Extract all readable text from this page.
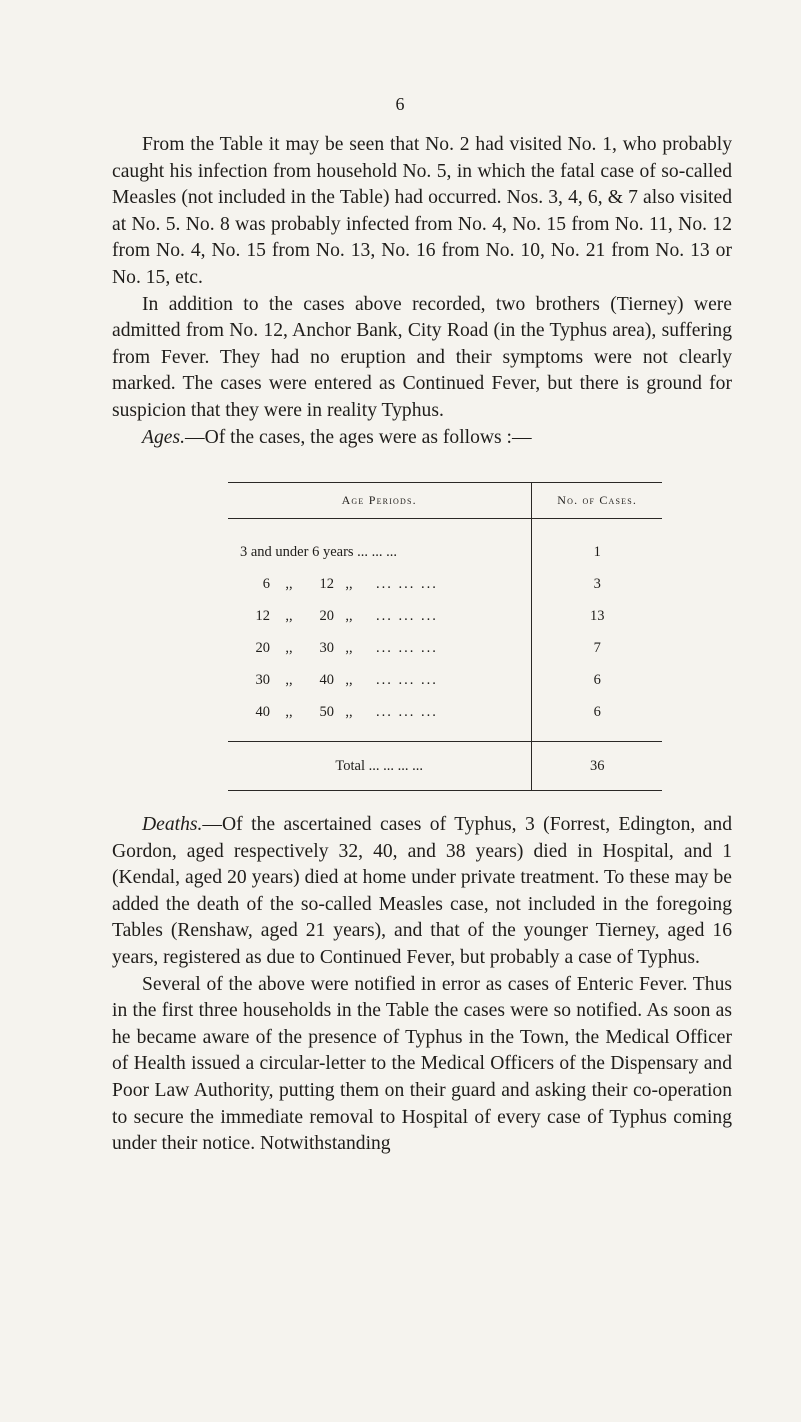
6

From the Table it may be seen that No. 2 had visited No. 1, who probably caught his infection from household No. 5, in which the fatal case of so-called Measles (not included in the Table) had occurred. Nos. 3, 4, 6, & 7 also visited at No. 5. No. 8 was probably infected from No. 4, No. 15 from No. 11, No. 12 from No. 4, No. 15 from No. 13, No. 16 from No. 10, No. 21 from No. 13 or No. 15, etc.

In addition to the cases above recorded, two brothers (Tierney) were admitted from No. 12, Anchor Bank, City Road (in the Typhus area), suffering from Fever. They had no eruption and their symptoms were not clearly marked. The cases were entered as Continued Fever, but there is ground for suspicion that they were in reality Typhus.

Ages.—Of the cases, the ages were as follows :—

Age Periods.	No. of Cases.

3 and under 6 years ... ... ...	1

6 ,, 12 ,, ... ... ...	3

12 ,, 20 ,, ... ... ...	13

20 ,, 30 ,, ... ... ...	7

30 ,, 40 ,, ... ... ...	6

40 ,, 50 ,, ... ... ...	6
Total ... ... ... ...	36

Deaths.—Of the ascertained cases of Typhus, 3 (Forrest, Edington, and Gordon, aged respectively 32, 40, and 38 years) died in Hospital, and 1 (Kendal, aged 20 years) died at home under private treatment. To these may be added the death of the so-called Measles case, not included in the foregoing Tables (Renshaw, aged 21 years), and that of the younger Tierney, aged 16 years, registered as due to Continued Fever, but probably a case of Typhus.

Several of the above were notified in error as cases of Enteric Fever. Thus in the first three households in the Table the cases were so notified. As soon as he became aware of the presence of Typhus in the Town, the Medical Officer of Health issued a circular-letter to the Medical Officers of the Dispensary and Poor Law Authority, putting them on their guard and asking their co-operation to secure the immediate removal to Hospital of every case of Typhus coming under their notice. Notwithstanding
